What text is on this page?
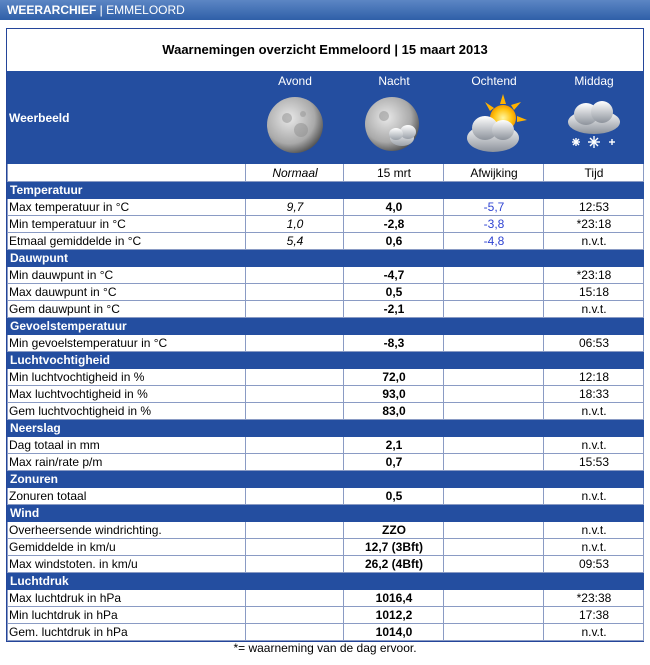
WEERARCHIEF | EMMELOORD
Waarnemingen overzicht Emmeloord | 15 maart 2013
Weerbeeld	Avond	Nacht	Ochtend	Middag

	Normaal	15 mrt	Afwijking	Tijd
Temperatuur				
Max temperatuur in °C	9,7	4,0	-5,7	12:53
Min temperatuur in °C	1,0	-2,8	-3,8	*23:18
Etmaal gemiddelde in °C	5,4	0,6	-4,8	n.v.t.
Dauwpunt				
Min dauwpunt in °C		-4,7		*23:18
Max dauwpunt in °C		0,5		15:18
Gem dauwpunt in °C		-2,1		n.v.t.
Gevoelstemperatuur				
Min gevoelstemperatuur in °C		-8,3		06:53
Luchtvochtigheid				
Min luchtvochtigheid in %		72,0		12:18
Max luchtvochtigheid in %		93,0		18:33
Gem luchtvochtigheid in %		83,0		n.v.t.
Neerslag				
Dag totaal in mm		2,1		n.v.t.
Max rain/rate p/m		0,7		15:53
Zonuren				
Zonuren totaal		0,5		n.v.t.
Wind				
Overheersende windrichting.		ZZO		n.v.t.
Gemiddelde in km/u		12,7 (3Bft)		n.v.t.
Max windstoten. in km/u		26,2 (4Bft)		09:53
Luchtdruk				
Max luchtdruk in hPa		1016,4		*23:38
Min luchtdruk in hPa		1012,2		17:38
Gem. luchtdruk in hPa		1014,0		n.v.t.
*= waarneming van de dag ervoor.
